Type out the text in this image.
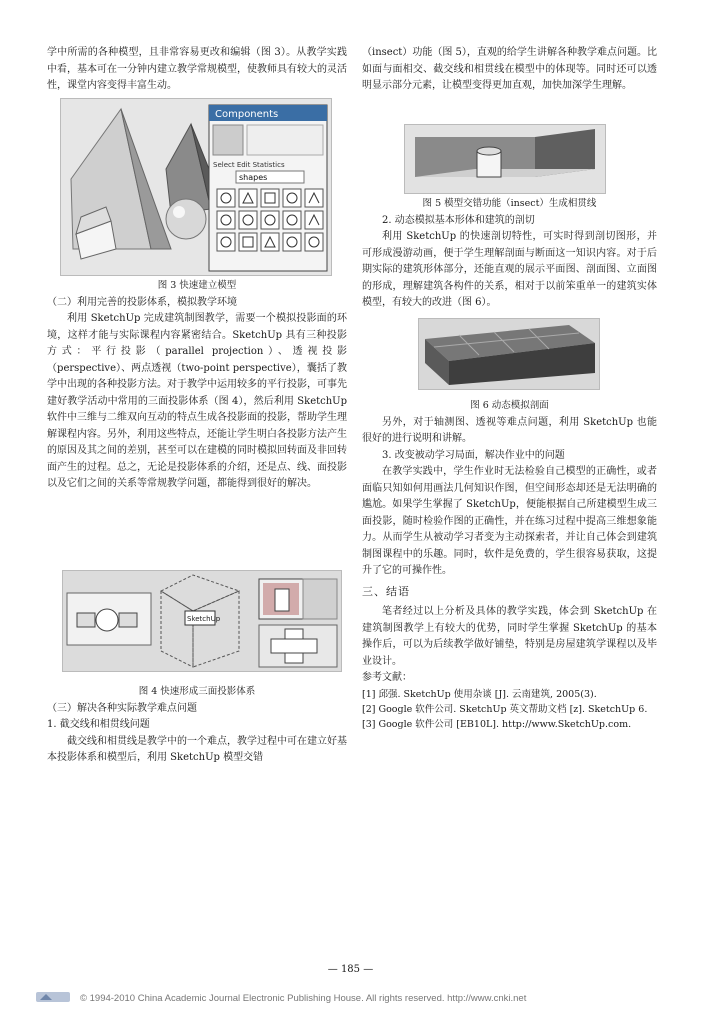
学中所需的各种模型，且非常容易更改和编辑（图 3）。从教学实践中看，基本可在一分钟内建立教学常规模型，使教师具有较大的灵活性，课堂内容变得丰富生动。

Components
Select Edit Statistics
shapes

图 3 快速建立模型

（二）利用完善的投影体系，模拟教学环境

利用 SketchUp 完成建筑制图教学，需要一个模拟投影面的环境，这样才能与实际课程内容紧密结合。SketchUp 具有三种投影方式：平行投影（parallel projection）、透视投影（perspective）、两点透视（two-point perspective），囊括了教学中出现的各种投影方法。对于教学中运用较多的平行投影，可事先建好教学活动中常用的三面投影体系（图 4），然后利用 SketchUp 软件中三维与二维双向互动的特点生成各投影面的投影，帮助学生理解课程内容。另外，利用这些特点，还能让学生明白各投影方法产生的原因及其之间的差别，甚至可以在建模的同时模拟回转面及非回转面产生的过程。总之，无论是投影体系的介绍，还是点、线、面投影以及它们之间的关系等常规教学问题，都能得到很好的解决。

SketchUp

图 4 快速形成三面投影体系

（三）解决各种实际教学难点问题

1. 截交线和相贯线问题

截交线和相贯线是教学中的一个难点，教学过程中可在建立好基本投影体系和模型后，利用 SketchUp 模型交错

（insect）功能（图 5），直观的给学生讲解各种教学难点问题。比如面与面相交、截交线和相贯线在模型中的体现等。同时还可以透明显示部分元素，让模型变得更加直观，加快加深学生理解。

图 5 模型交错功能（insect）生成相贯线

2. 动态模拟基本形体和建筑的剖切

利用 SketchUp 的快速剖切特性，可实时得到剖切图形，并可形成漫游动画，便于学生理解剖面与断面这一知识内容。对于后期实际的建筑形体部分，还能直观的展示平面图、剖面图、立面图的形成，理解建筑各构件的关系，相对于以前笨重单一的建筑实体模型，有较大的改进（图 6）。

图 6 动态模拟剖面

另外，对于轴测图、透视等难点问题，利用 SketchUp 也能很好的进行说明和讲解。

3. 改变被动学习局面，解决作业中的问题

在教学实践中，学生作业时无法检验自己模型的正确性，或者面临只知如何用画法几何知识作图，但空间形态却还是无法明确的尴尬。如果学生掌握了 SketchUp，便能根据自己所建模型生成三面投影，随时检验作图的正确性，并在练习过程中提高三维想象能力。从而学生从被动学习者变为主动探索者，并让自己体会到建筑制图课程中的乐趣。同时，软件是免费的，学生很容易获取，这提升了它的可操作性。

三、结语

笔者经过以上分析及具体的教学实践，体会到 SketchUp 在建筑制图教学上有较大的优势，同时学生掌握 SketchUp 的基本操作后，可以为后续教学做好铺垫，特别是房屋建筑学课程以及毕业设计。

参考文献：

[1] 邱强. SketchUp 使用杂谈 [J]. 云南建筑, 2005(3).

[2] Google 软件公司. SketchUp 英文帮助文档 [z]. SketchUp 6.

[3] Google 软件公司 [EB10L]. http://www.SketchUp.com.

— 185 —
© 1994-2010 China Academic Journal Electronic Publishing House. All rights reserved. http://www.cnki.net
